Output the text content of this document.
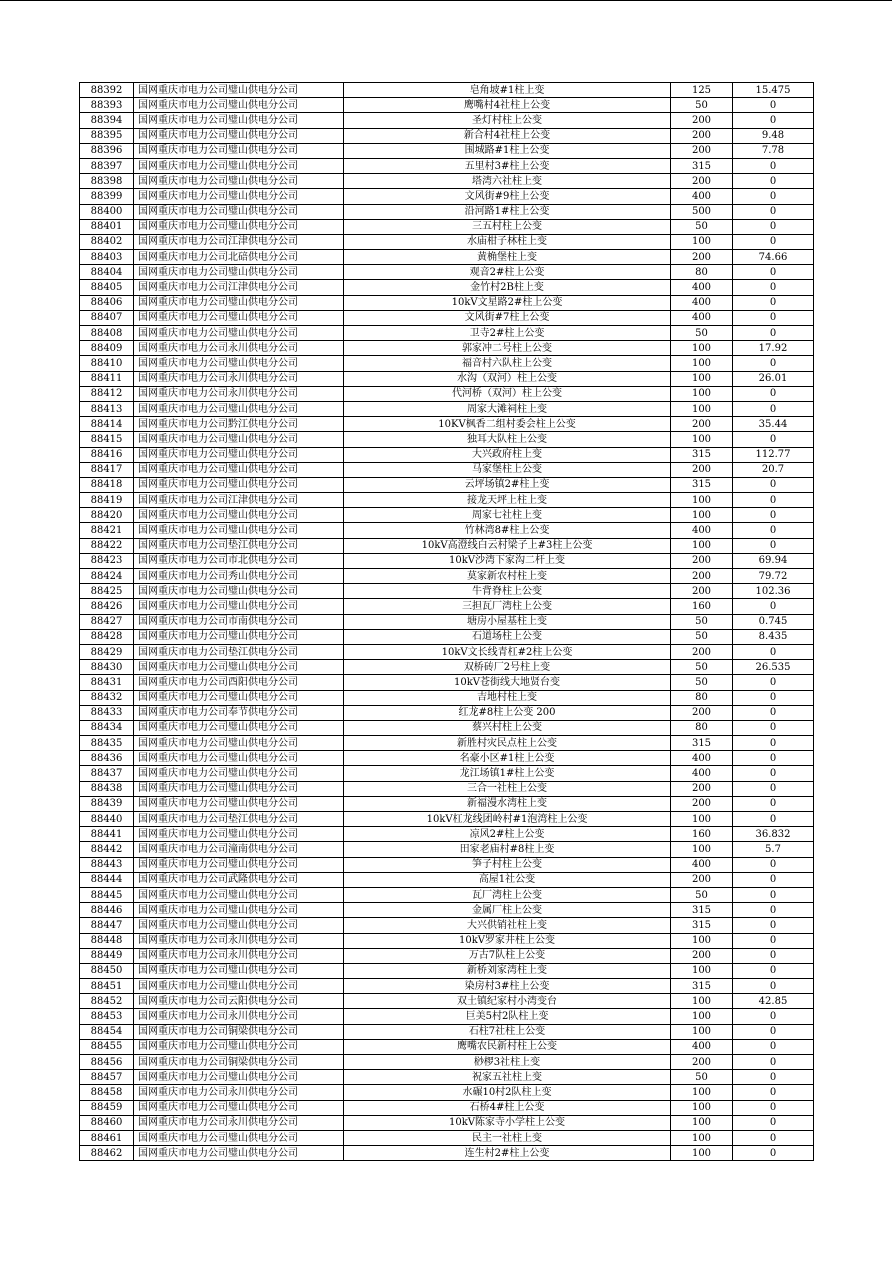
88392	国网重庆市电力公司璧山供电分公司	皂角坡#1柱上变	125	15.475
88393	国网重庆市电力公司璧山供电分公司	鹰嘴村4社柱上公变	50	0
88394	国网重庆市电力公司璧山供电分公司	圣灯村柱上公变	200	0
88395	国网重庆市电力公司璧山供电分公司	新合村4社柱上公变	200	9.48
88396	国网重庆市电力公司璧山供电分公司	围城路#1柱上公变	200	7.78
88397	国网重庆市电力公司璧山供电分公司	五里村3#柱上公变	315	0
88398	国网重庆市电力公司璧山供电分公司	塔湾六社柱上变	200	0
88399	国网重庆市电力公司璧山供电分公司	文风街#9柱上公变	400	0
88400	国网重庆市电力公司璧山供电分公司	沿河路1#柱上公变	500	0
88401	国网重庆市电力公司璧山供电分公司	三五村柱上公变	50	0
88402	国网重庆市电力公司江津供电分公司	水庙柑子林柱上变	100	0
88403	国网重庆市电力公司北碚供电分公司	黄桷堡柱上变	200	74.66
88404	国网重庆市电力公司璧山供电分公司	观音2#柱上公变	80	0
88405	国网重庆市电力公司江津供电分公司	金竹村2B柱上变	400	0
88406	国网重庆市电力公司璧山供电分公司	10kV文星路2#柱上公变	400	0
88407	国网重庆市电力公司璧山供电分公司	文风街#7柱上公变	400	0
88408	国网重庆市电力公司璧山供电分公司	卫寺2#柱上公变	50	0
88409	国网重庆市电力公司永川供电分公司	郭家冲二号柱上公变	100	17.92
88410	国网重庆市电力公司璧山供电分公司	福音村六队柱上公变	100	0
88411	国网重庆市电力公司永川供电分公司	水沟（双河）柱上公变	100	26.01
88412	国网重庆市电力公司永川供电分公司	代河桥（双河）柱上公变	100	0
88413	国网重庆市电力公司璧山供电分公司	周家大滩祠柱上变	100	0
88414	国网重庆市电力公司黔江供电分公司	10KV枫香二组村委会柱上公变	200	35.44
88415	国网重庆市电力公司璧山供电分公司	独耳大队柱上公变	100	0
88416	国网重庆市电力公司璧山供电分公司	大兴政府柱上变	315	112.77
88417	国网重庆市电力公司璧山供电分公司	马家堡柱上公变	200	20.7
88418	国网重庆市电力公司璧山供电分公司	云坪场镇2#柱上变	315	0
88419	国网重庆市电力公司江津供电分公司	接龙天坪上柱上变	100	0
88420	国网重庆市电力公司璧山供电分公司	周家七社柱上变	100	0
88421	国网重庆市电力公司璧山供电分公司	竹林湾8#柱上公变	400	0
88422	国网重庆市电力公司垫江供电分公司	10kV高澄线白云村梁子上#3柱上公变	100	0
88423	国网重庆市电力公司市北供电分公司	10kV沙湾下家沟二杆上变	200	69.94
88424	国网重庆市电力公司秀山供电分公司	莫家新农村柱上变	200	79.72
88425	国网重庆市电力公司璧山供电分公司	牛背脊柱上公变	200	102.36
88426	国网重庆市电力公司璧山供电分公司	三担瓦厂湾柱上公变	160	0
88427	国网重庆市电力公司市南供电分公司	塘房小屋基柱上变	50	0.745
88428	国网重庆市电力公司璧山供电分公司	石道场柱上公变	50	8.435
88429	国网重庆市电力公司垫江供电分公司	10kV文长线青杠#2柱上公变	200	0
88430	国网重庆市电力公司璧山供电分公司	双桥砖厂2号柱上变	50	26.535
88431	国网重庆市电力公司酉阳供电分公司	10kV苍街线大地贤台变	50	0
88432	国网重庆市电力公司璧山供电分公司	吉地村柱上变	80	0
88433	国网重庆市电力公司奉节供电分公司	红龙#8柱上公变 200	200	0
88434	国网重庆市电力公司璧山供电分公司	蔡兴村柱上公变	80	0
88435	国网重庆市电力公司璧山供电分公司	新胜村灾民点柱上公变	315	0
88436	国网重庆市电力公司璧山供电分公司	名豪小区#1柱上公变	400	0
88437	国网重庆市电力公司璧山供电分公司	龙江场镇1#柱上公变	400	0
88438	国网重庆市电力公司璧山供电分公司	三合一社柱上公变	200	0
88439	国网重庆市电力公司璧山供电分公司	新福漫水湾柱上变	200	0
88440	国网重庆市电力公司垫江供电分公司	10kV杠龙线团岭村#1泡湾柱上公变	100	0
88441	国网重庆市电力公司璧山供电分公司	凉风2#柱上公变	160	36.832
88442	国网重庆市电力公司潼南供电分公司	田家老庙村#8柱上变	100	5.7
88443	国网重庆市电力公司璧山供电分公司	笋子村柱上公变	400	0
88444	国网重庆市电力公司武隆供电分公司	高屋1社公变	200	0
88445	国网重庆市电力公司璧山供电分公司	瓦厂湾柱上公变	50	0
88446	国网重庆市电力公司璧山供电分公司	金属厂柱上公变	315	0
88447	国网重庆市电力公司璧山供电分公司	大兴供销社柱上变	315	0
88448	国网重庆市电力公司永川供电分公司	10kV罗家井柱上公变	100	0
88449	国网重庆市电力公司永川供电分公司	万古7队柱上公变	200	0
88450	国网重庆市电力公司璧山供电分公司	新桥刘家湾柱上变	100	0
88451	国网重庆市电力公司璧山供电分公司	染房村3#柱上公变	315	0
88452	国网重庆市电力公司云阳供电分公司	双土镇纪家村小湾变台	100	42.85
88453	国网重庆市电力公司永川供电分公司	巨美5村2队柱上变	100	0
88454	国网重庆市电力公司铜梁供电分公司	石柱7社柱上公变	100	0
88455	国网重庆市电力公司璧山供电分公司	鹰嘴农民新村柱上公变	400	0
88456	国网重庆市电力公司铜梁供电分公司	桫椤3社柱上变	200	0
88457	国网重庆市电力公司璧山供电分公司	祝家五社柱上变	50	0
88458	国网重庆市电力公司永川供电分公司	水碾10村2队柱上变	100	0
88459	国网重庆市电力公司璧山供电分公司	石桥4#柱上公变	100	0
88460	国网重庆市电力公司永川供电分公司	10kV陈家寺小学柱上公变	100	0
88461	国网重庆市电力公司璧山供电分公司	民主一社柱上变	100	0
88462	国网重庆市电力公司璧山供电分公司	连生村2#柱上公变	100	0
